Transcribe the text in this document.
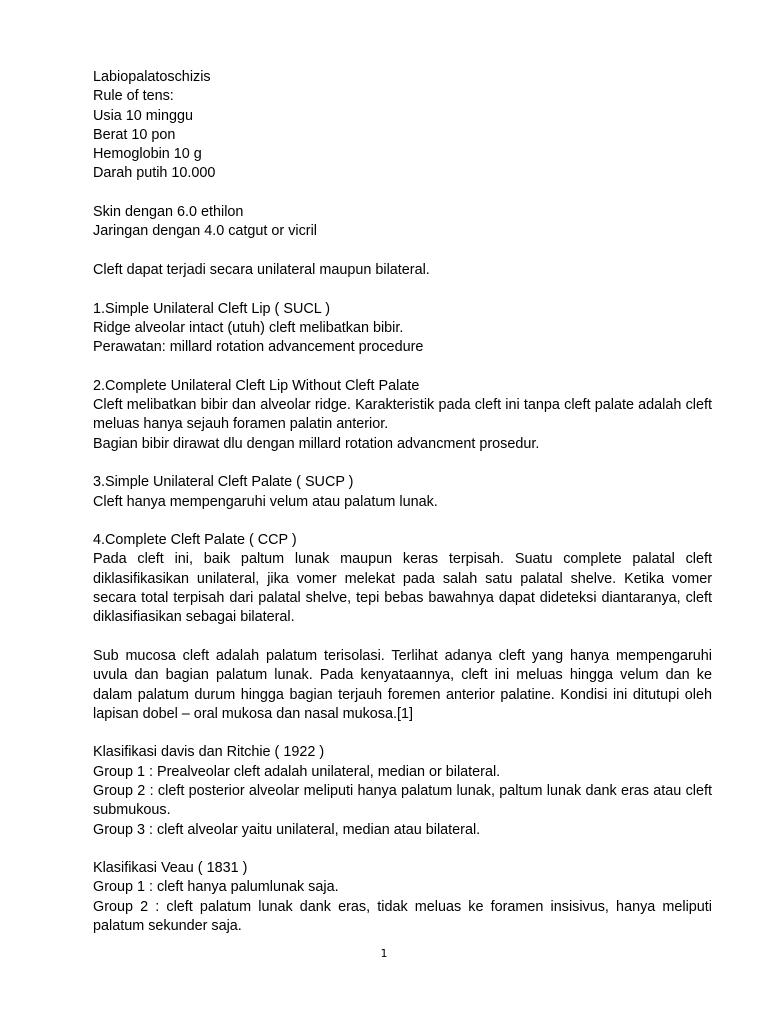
Labiopalatoschizis

Rule of tens:

Usia 10 minggu

Berat 10 pon

Hemoglobin 10 g

Darah putih 10.000

Skin dengan 6.0 ethilon

Jaringan dengan 4.0 catgut or vicril

Cleft dapat terjadi secara unilateral maupun bilateral.

1.Simple Unilateral Cleft Lip ( SUCL )

Ridge alveolar intact (utuh) cleft melibatkan bibir.

Perawatan: millard rotation advancement procedure

2.Complete Unilateral Cleft Lip Without Cleft Palate

Cleft melibatkan bibir dan alveolar ridge. Karakteristik pada cleft ini tanpa cleft palate adalah cleft meluas hanya sejauh foramen palatin anterior.

Bagian bibir dirawat dlu dengan millard rotation advancment prosedur.

3.Simple Unilateral Cleft Palate ( SUCP )

Cleft hanya mempengaruhi velum atau palatum lunak.

4.Complete Cleft Palate ( CCP )

Pada cleft ini, baik paltum lunak maupun keras terpisah. Suatu complete palatal cleft diklasifikasikan unilateral, jika vomer melekat pada salah satu palatal shelve. Ketika vomer secara total terpisah dari palatal shelve, tepi bebas bawahnya dapat dideteksi diantaranya, cleft diklasifiasikan sebagai bilateral.

Sub mucosa cleft adalah palatum terisolasi. Terlihat adanya cleft yang hanya mempengaruhi uvula dan bagian palatum lunak. Pada kenyataannya, cleft ini meluas hingga velum dan ke dalam palatum durum hingga bagian terjauh foremen anterior palatine. Kondisi ini ditutupi oleh lapisan dobel – oral mukosa dan nasal mukosa.[1]

Klasifikasi davis dan Ritchie ( 1922 )

Group 1 : Prealveolar cleft adalah unilateral, median or bilateral.

Group 2 : cleft posterior alveolar meliputi hanya palatum lunak, paltum lunak dank eras atau cleft submukous.

Group 3 : cleft alveolar yaitu unilateral, median atau bilateral.

Klasifikasi Veau ( 1831 )

Group 1 : cleft hanya palumlunak saja.

Group 2 : cleft palatum lunak dank eras, tidak meluas ke foramen insisivus, hanya meliputi palatum sekunder saja.

1
